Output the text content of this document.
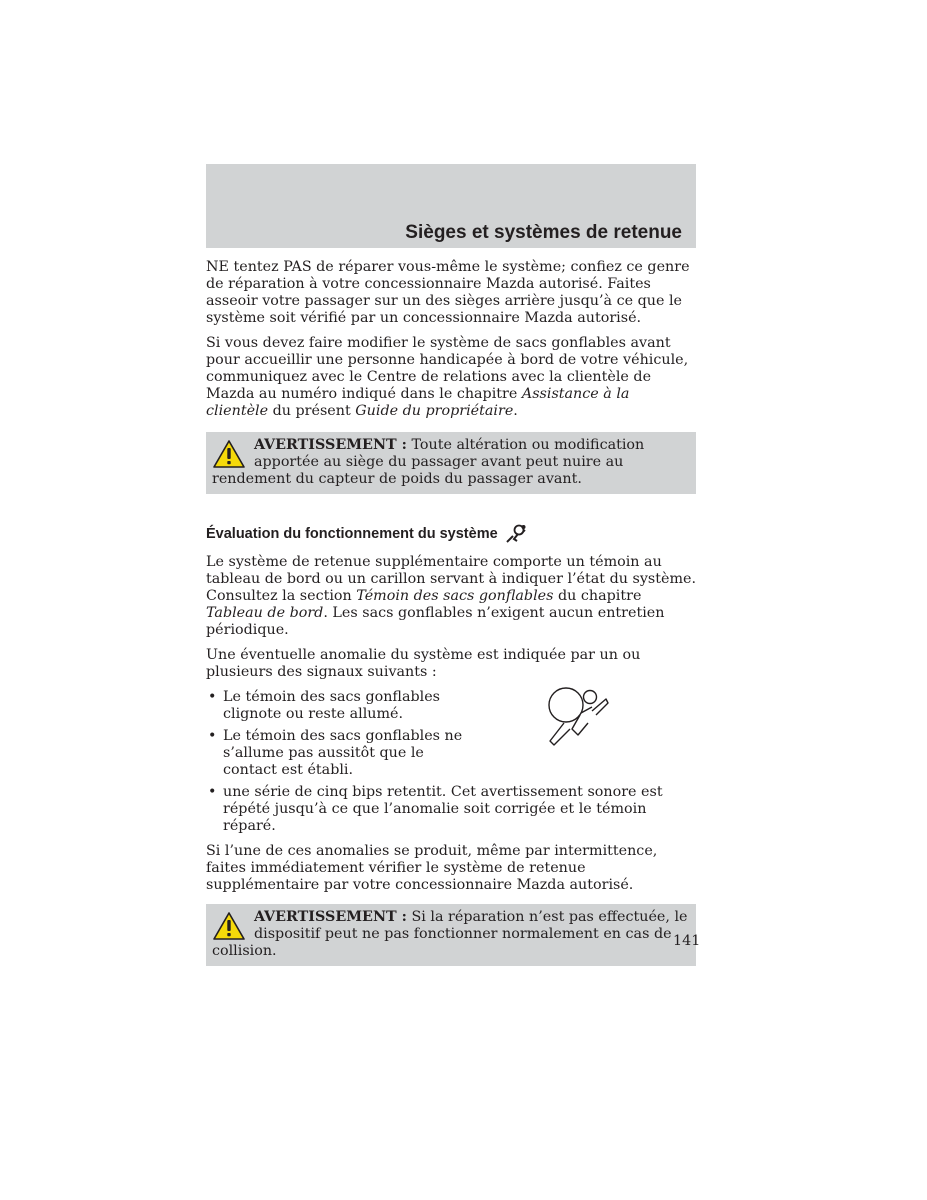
Sièges et systèmes de retenue

NE tentez PAS de réparer vous-même le système; confiez ce genre de réparation à votre concessionnaire Mazda autorisé. Faites asseoir votre passager sur un des sièges arrière jusqu’à ce que le système soit vérifié par un concessionnaire Mazda autorisé.

Si vous devez faire modifier le système de sacs gonflables avant pour accueillir une personne handicapée à bord de votre véhicule, communiquez avec le Centre de relations avec la clientèle de Mazda au numéro indiqué dans le chapitre Assistance à la clientèle du présent Guide du propriétaire.

AVERTISSEMENT : Toute altération ou modification apportée au siège du passager avant peut nuire au rendement du capteur de poids du passager avant.
Évaluation du fonctionnement du système

Le système de retenue supplémentaire comporte un témoin au tableau de bord ou un carillon servant à indiquer l’état du système. Consultez la section Témoin des sacs gonflables du chapitre Tableau de bord. Les sacs gonflables n’exigent aucun entretien périodique.

Une éventuelle anomalie du système est indiquée par un ou plusieurs des signaux suivants :

• Le témoin des sacs gonflables clignote ou reste allumé.
• Le témoin des sacs gonflables ne s’allume pas aussitôt que le contact est établi.
• une série de cinq bips retentit. Cet avertissement sonore est répété jusqu’à ce que l’anomalie soit corrigée et le témoin réparé.

Si l’une de ces anomalies se produit, même par intermittence, faites immédiatement vérifier le système de retenue supplémentaire par votre concessionnaire Mazda autorisé.

AVERTISSEMENT : Si la réparation n’est pas effectuée, le dispositif peut ne pas fonctionner normalement en cas de collision.
141
